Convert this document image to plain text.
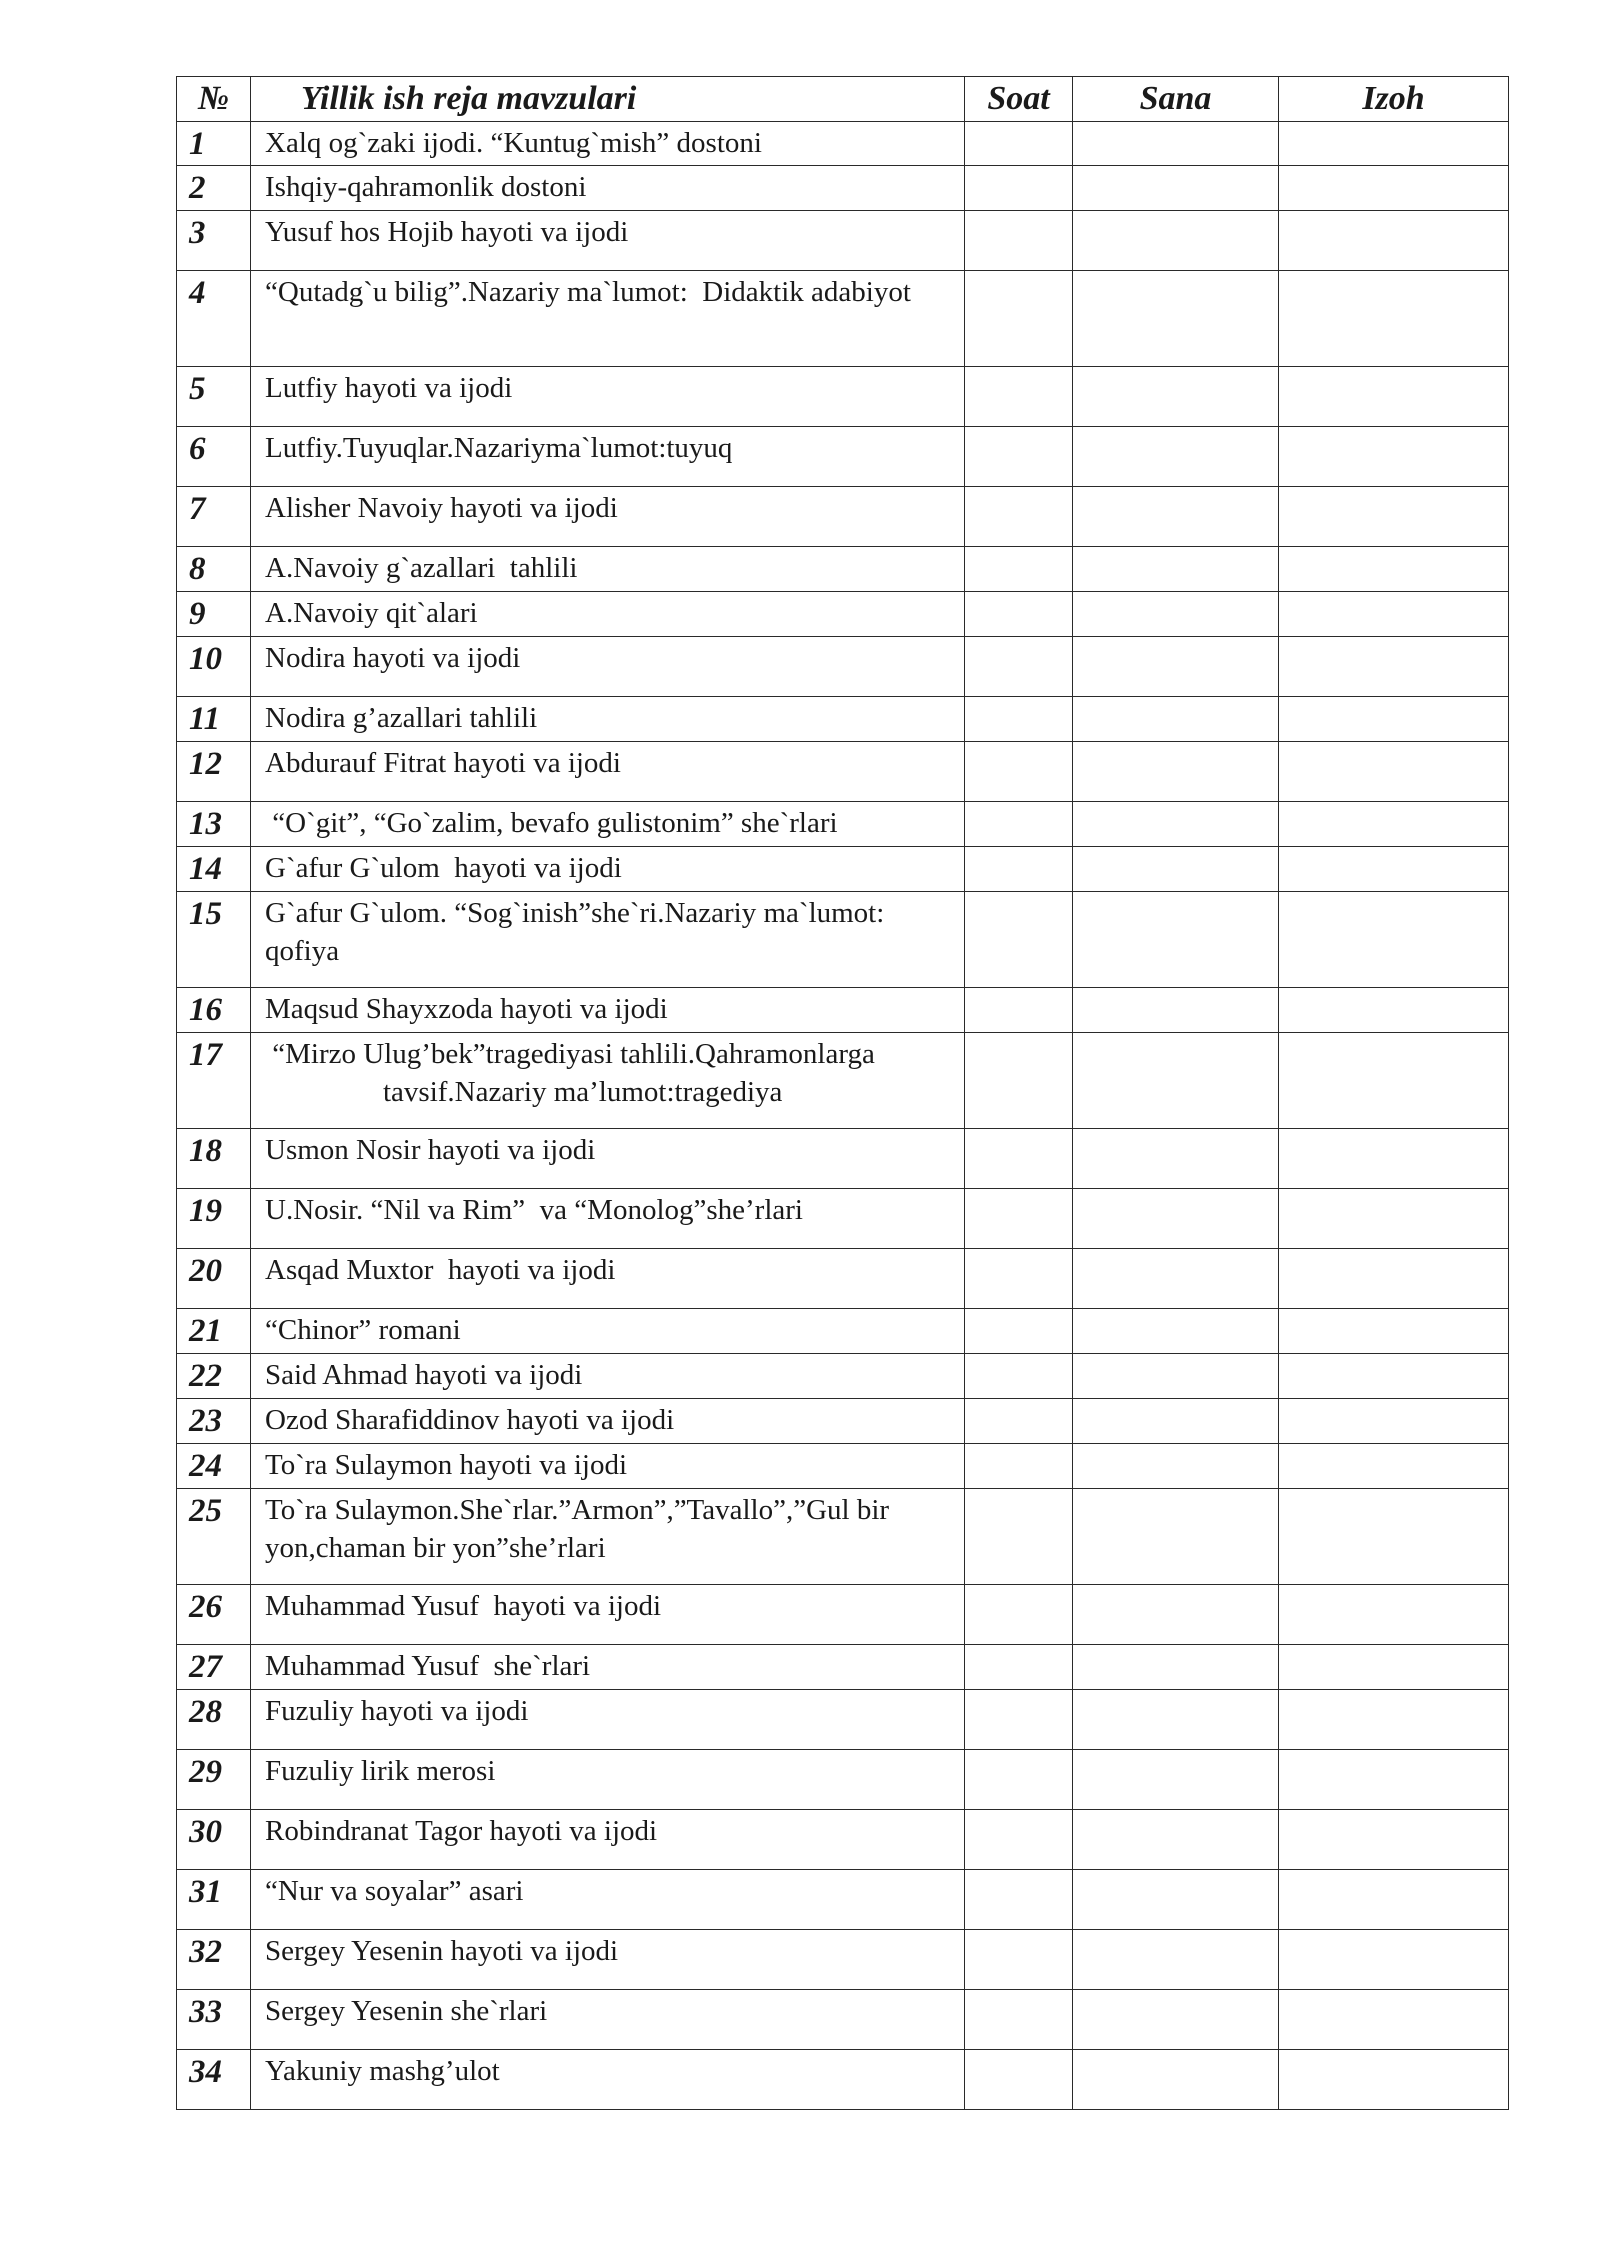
№	Yillik ish reja mavzulari	Soat	Sana	Izoh
1	Xalq og`zaki ijodi. “Kuntug`mish” dostoni			
2	Ishqiy-qahramonlik dostoni			
3	Yusuf hos Hojib hayoti va ijodi			
4	“Qutadg`u bilig”.Nazariy ma`lumot:  Didaktik adabiyot			
5	Lutfiy hayoti va ijodi			
6	Lutfiy.Tuyuqlar.Nazariyma`lumot:tuyuq			
7	Alisher Navoiy hayoti va ijodi			
8	A.Navoiy g`azallari  tahlili			
9	A.Navoiy qit`alari			
10	Nodira hayoti va ijodi			
11	Nodira g’azallari tahlili			
12	Abdurauf Fitrat hayoti va ijodi			
13	“O`git”, “Go`zalim, bevafo gulistonim” she`rlari			
14	G`afur G`ulom  hayoti va ijodi			
15	G`afur G`ulom. “Sog`inish”she`ri.Nazariy ma`lumot: qofiya			
16	Maqsud Shayxzoda hayoti va ijodi			
17	“Mirzo Ulug’bek”tragediyasi tahlili.Qahramonlarga
tavsif.Nazariy ma’lumot:tragediya			

18	Usmon Nosir hayoti va ijodi			
19	U.Nosir. “Nil va Rim”  va “Monolog”she’rlari			
20	Asqad Muxtor  hayoti va ijodi			
21	“Chinor” romani			
22	Said Ahmad hayoti va ijodi			
23	Ozod Sharafiddinov hayoti va ijodi			
24	To`ra Sulaymon hayoti va ijodi			
25	To`ra Sulaymon.She`rlar.”Armon”,”Tavallo”,”Gul bir yon,chaman bir yon”she’rlari			
26	Muhammad Yusuf  hayoti va ijodi			
27	Muhammad Yusuf  she`rlari			
28	Fuzuliy hayoti va ijodi			
29	Fuzuliy lirik merosi			
30	Robindranat Tagor hayoti va ijodi			
31	“Nur va soyalar” asari			
32	Sergey Yesenin hayoti va ijodi			
33	Sergey Yesenin she`rlari			
34	Yakuniy mashg’ulot			
